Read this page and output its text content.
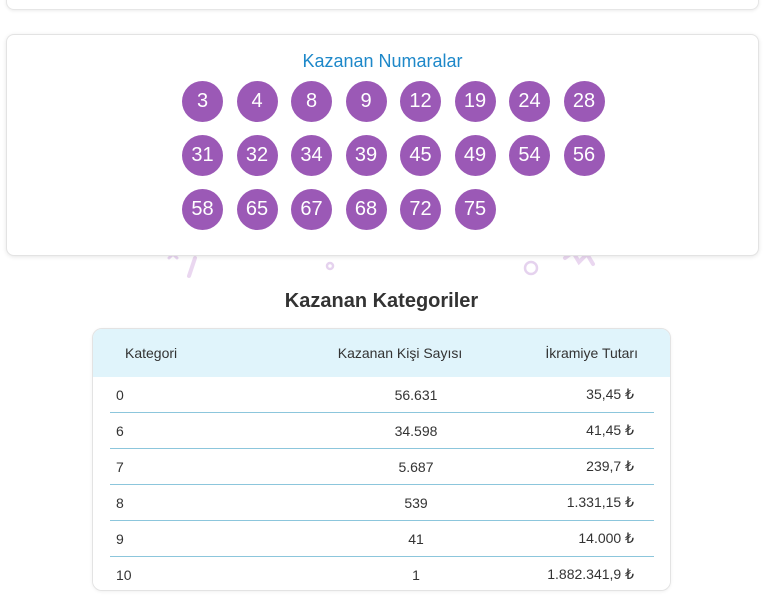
Kazanan Numaralar
3	4	8	9	12	19	24	28
31	32	34	39	45	49	54	56
58	65	67	68	72	75
Kazanan Kategoriler
Kategori	Kazanan Kişi Sayısı	İkramiye Tutarı
0	56.631	35,45 ₺
6	34.598	41,45 ₺
7	5.687	239,7 ₺
8	539	1.331,15 ₺
9	41	14.000 ₺
10	1	1.882.341,9 ₺
